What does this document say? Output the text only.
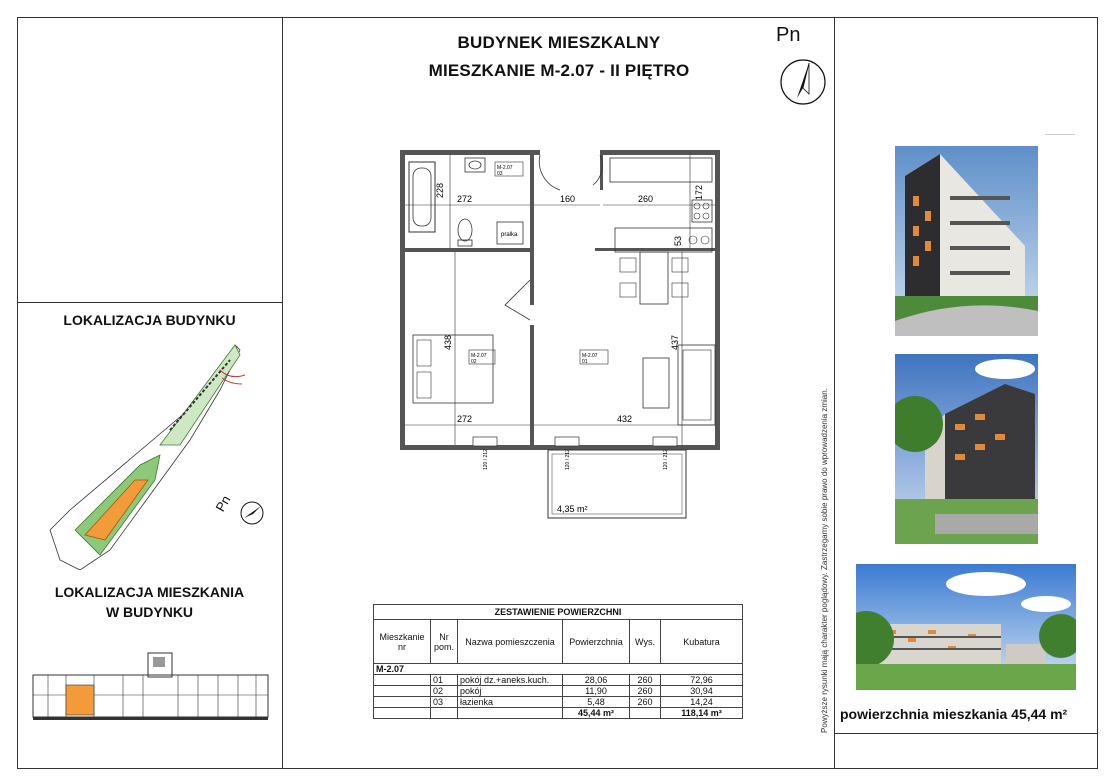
BUDYNEK MIESZKALNY
MIESZKANIE M-2.07 - II PIĘTRO
Pn
pralka
M-2.07
03
M-2.07
02
M-2.07
01
272
228
160	260	172
53
438	437
272	432
120 / 212	120 / 212	120 / 212
4,35 m²
LOKALIZACJA BUDYNKU
Pn
LOKALIZACJA MIESZKANIA
W BUDYNKU	ZESTAWIENIE POWIERZCHNI					
Mieszkanie nr	Nr pom.	Nazwa pomieszczenia	Powierzchnia	Wys.	Kubatura
M-2.07					
	01	pokój dz.+aneks.kuch.	28,06	260	72,96
	02	pokój	11,90	260	30,94
	03	łazienka	5,48	260	14,24
			45,44 m²		118,14 m³	Powyższe rysunki mają charakter poglądowy. Zastrzegamy sobie prawo do wprowadzenia zmian. powierzchnia mieszkania 45,44 m²
